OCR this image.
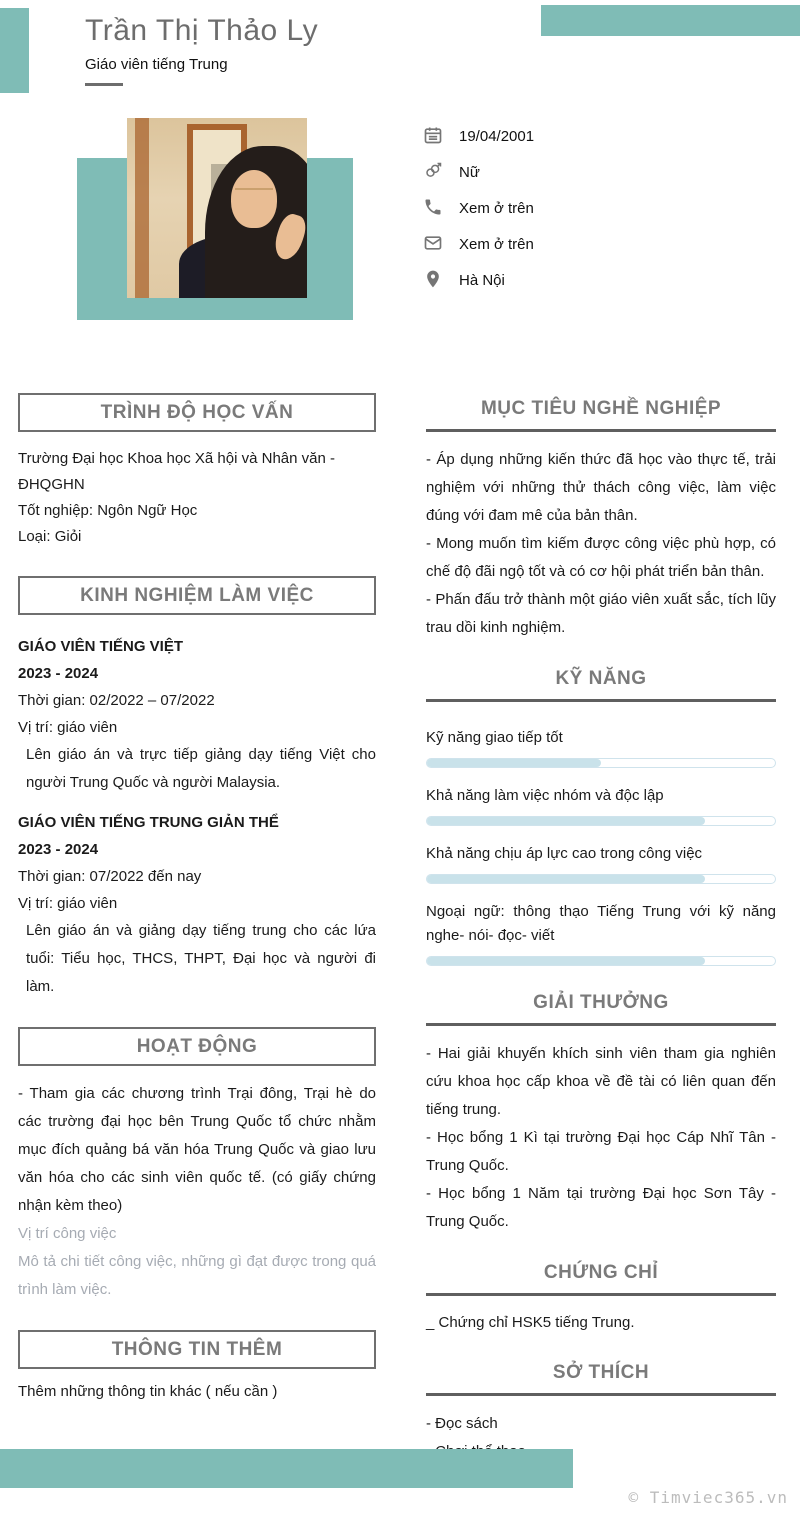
Trần Thị Thảo Ly
Giáo viên tiếng Trung
19/04/2001
Nữ
Xem ở trên
Xem ở trên
Hà Nội
TRÌNH ĐỘ HỌC VẤN
Trường Đại học Khoa học Xã hội và Nhân văn - ĐHQGHN
Tốt nghiệp: Ngôn Ngữ Học
Loại: Giỏi
KINH NGHIỆM LÀM VIỆC
GIÁO VIÊN TIẾNG VIỆT
2023 - 2024
Thời gian: 02/2022 – 07/2022
Vị trí: giáo viên
Lên giáo án và trực tiếp giảng dạy tiếng Việt cho người Trung Quốc và người Malaysia.
GIÁO VIÊN TIẾNG TRUNG GIẢN THỂ
2023 - 2024
Thời gian: 07/2022 đến nay
Vị trí: giáo viên
Lên giáo án và giảng dạy tiếng trung cho các lứa tuổi: Tiểu học, THCS, THPT, Đại học và người đi làm.
HOẠT ĐỘNG

- Tham gia các chương trình Trại đông, Trại hè do các trường đại học bên Trung Quốc tổ chức nhằm mục đích quảng bá văn hóa Trung Quốc và giao lưu văn hóa cho các sinh viên quốc tế. (có giấy chứng nhận kèm theo)

Vị trí công việc

Mô tả chi tiết công việc, những gì đạt được trong quá trình làm việc.

THÔNG TIN THÊM
Thêm những thông tin khác ( nếu cần )
MỤC TIÊU NGHỀ NGHIỆP

- Áp dụng những kiến thức đã học vào thực tế, trải nghiệm với những thử thách công việc, làm việc đúng với đam mê của bản thân.

- Mong muốn tìm kiếm được công việc phù hợp, có chế độ đãi ngộ tốt và có cơ hội phát triển bản thân.

- Phấn đấu trở thành một giáo viên xuất sắc, tích lũy trau dồi kinh nghiệm.

KỸ NĂNG
Kỹ năng giao tiếp tốt
Khả năng làm việc nhóm và độc lập
Khả năng chịu áp lực cao trong công việc
Ngoại ngữ: thông thạo Tiếng Trung với kỹ năng nghe- nói- đọc- viết
GIẢI THƯỞNG

- Hai giải khuyến khích sinh viên tham gia nghiên cứu khoa học cấp khoa về đề tài có liên quan đến tiếng trung.

- Học bổng 1 Kì tại trường Đại học Cáp Nhĩ Tân - Trung Quốc.

- Học bổng 1 Năm tại trường Đại học Sơn Tây - Trung Quốc.

CHỨNG CHỈ

_ Chứng chỉ HSK5 tiếng Trung.

SỞ THÍCH
- Đọc sách
© Timviec365.vn
